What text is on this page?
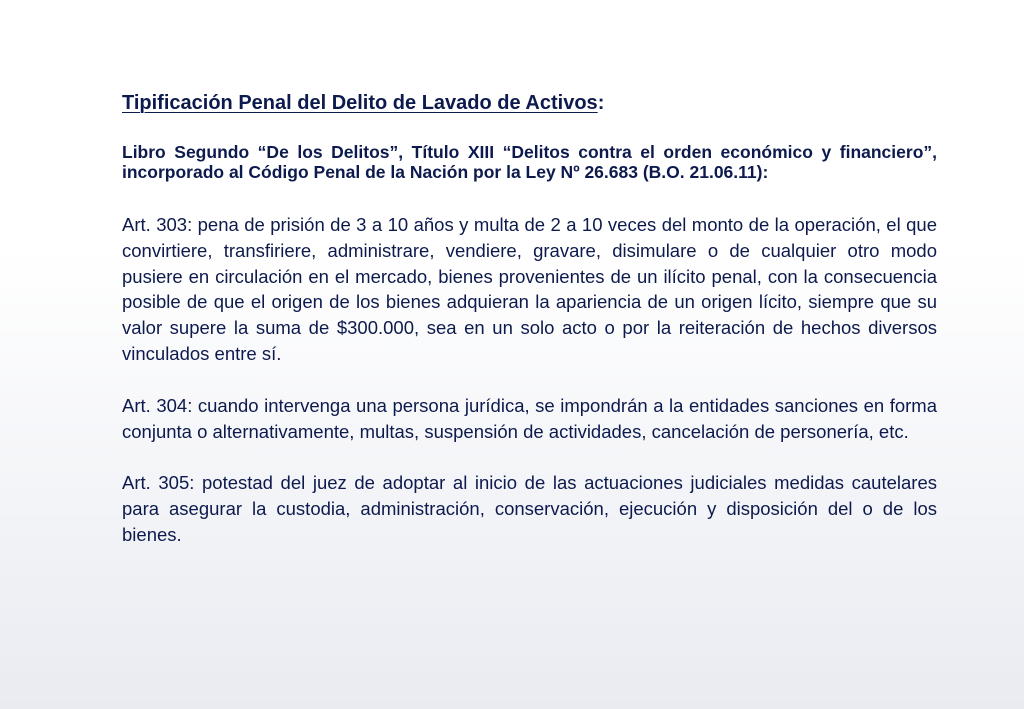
Tipificación Penal del Delito de Lavado de Activos:
Libro Segundo “De los Delitos”, Título XIII “Delitos contra el orden económico y financiero”, incorporado al Código Penal de la Nación por la Ley Nº 26.683 (B.O. 21.06.11):
Art. 303: pena de prisión de 3 a 10 años y multa de 2 a 10 veces del monto de la operación, el que convirtiere, transfiriere, administrare, vendiere, gravare, disimulare o de cualquier otro modo pusiere en circulación en el mercado, bienes provenientes de un ilícito penal, con la consecuencia posible de que el origen de los bienes adquieran la apariencia de un origen lícito, siempre que su valor supere la suma de $300.000, sea en un solo acto o por la reiteración de hechos diversos vinculados entre sí.
Art. 304: cuando intervenga una persona jurídica, se impondrán a la entidades sanciones en forma conjunta o alternativamente, multas, suspensión de actividades, cancelación de personería, etc.
Art. 305: potestad del juez de adoptar al inicio de las actuaciones judiciales medidas cautelares para asegurar la custodia, administración, conservación, ejecución y disposición del o de los bienes.
